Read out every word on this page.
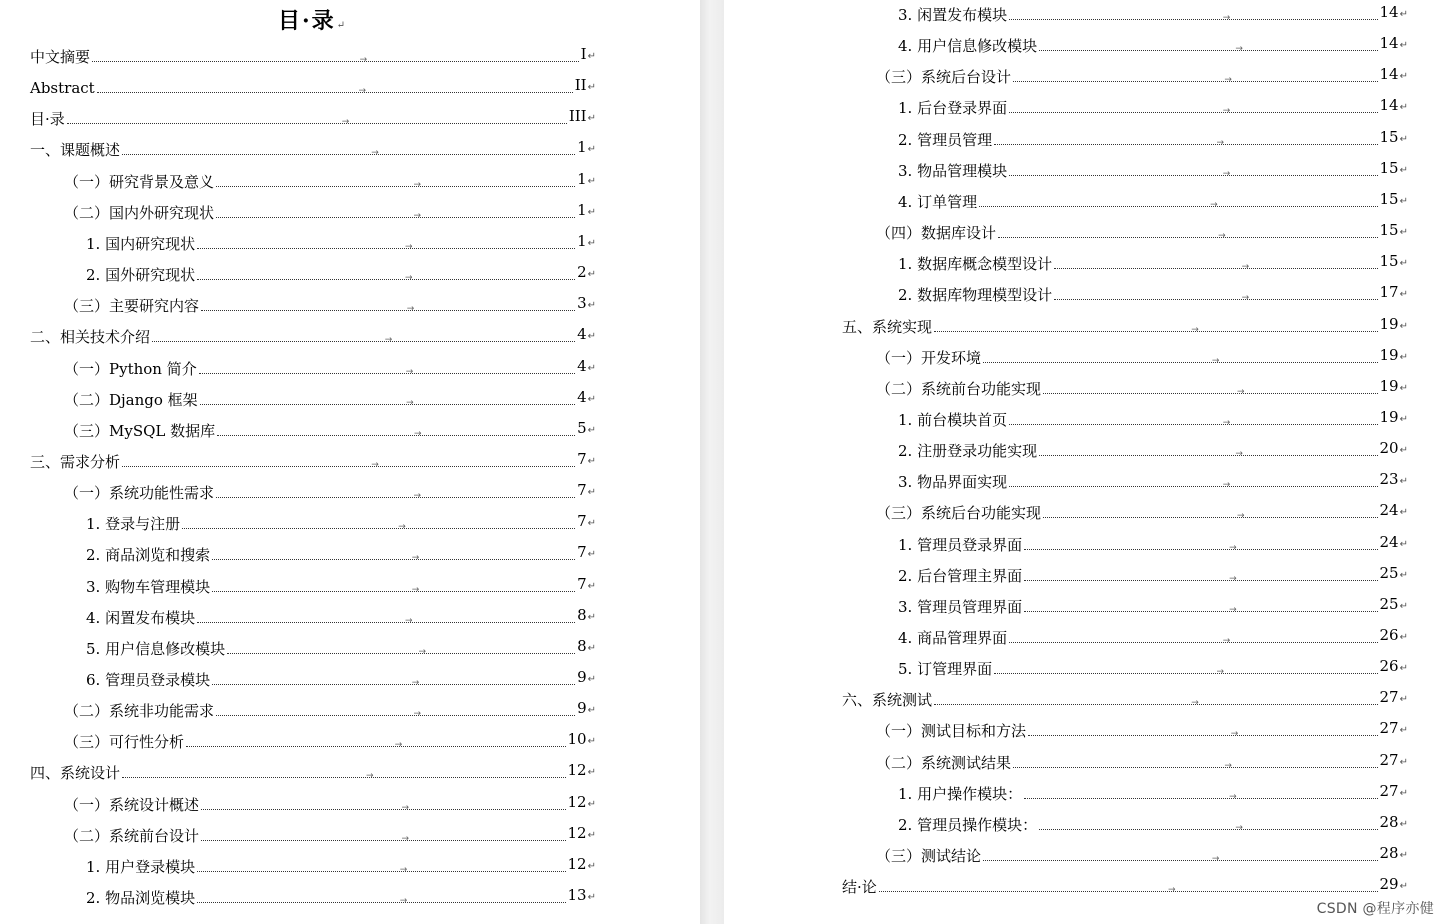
目·录↵
中文摘要	→	I↵
Abstract	→	II↵
目·录	→	III↵
一、课题概述	→	1↵
（一）研究背景及意义	→	1↵
（二）国内外研究现状	→	1↵
1. 国内研究现状	→	1↵
2. 国外研究现状	→	2↵
（三）主要研究内容	→	3↵
二、相关技术介绍	→	4↵
（一）Python 简介	→	4↵
（二）Django 框架	→	4↵
（三）MySQL 数据库	→	5↵
三、需求分析	→	7↵
（一）系统功能性需求	→	7↵
1. 登录与注册	→	7↵
2. 商品浏览和搜索	→	7↵
3. 购物车管理模块	→	7↵
4. 闲置发布模块	→	8↵
5. 用户信息修改模块	→	8↵
6. 管理员登录模块	→	9↵
（二）系统非功能需求	→	9↵
（三）可行性分析	→	10↵
四、系统设计	→	12↵
（一）系统设计概述	→	12↵
（二）系统前台设计	→	12↵
1. 用户登录模块	→	12↵
2. 物品浏览模块	→	13↵
3. 闲置发布模块	→	14↵
4. 用户信息修改模块	→	14↵
（三）系统后台设计	→	14↵
1. 后台登录界面	→	14↵
2. 管理员管理	→	15↵
3. 物品管理模块	→	15↵
4. 订单管理	→	15↵
（四）数据库设计	→	15↵
1. 数据库概念模型设计	→	15↵
2. 数据库物理模型设计	→	17↵
五、系统实现	→	19↵
（一）开发环境	→	19↵
（二）系统前台功能实现	→	19↵
1. 前台模块首页	→	19↵
2. 注册登录功能实现	→	20↵
3. 物品界面实现	→	23↵
（三）系统后台功能实现	→	24↵
1. 管理员登录界面	→	24↵
2. 后台管理主界面	→	25↵
3. 管理员管理界面	→	25↵
4. 商品管理界面	→	26↵
5. 订管理界面	→	26↵
六、系统测试	→	27↵
（一）测试目标和方法	→	27↵
（二）系统测试结果	→	27↵
1. 用户操作模块：	→	27↵
2. 管理员操作模块：	→	28↵
（三）测试结论	→	28↵
结·论	→	29↵
CSDN @程序亦健
